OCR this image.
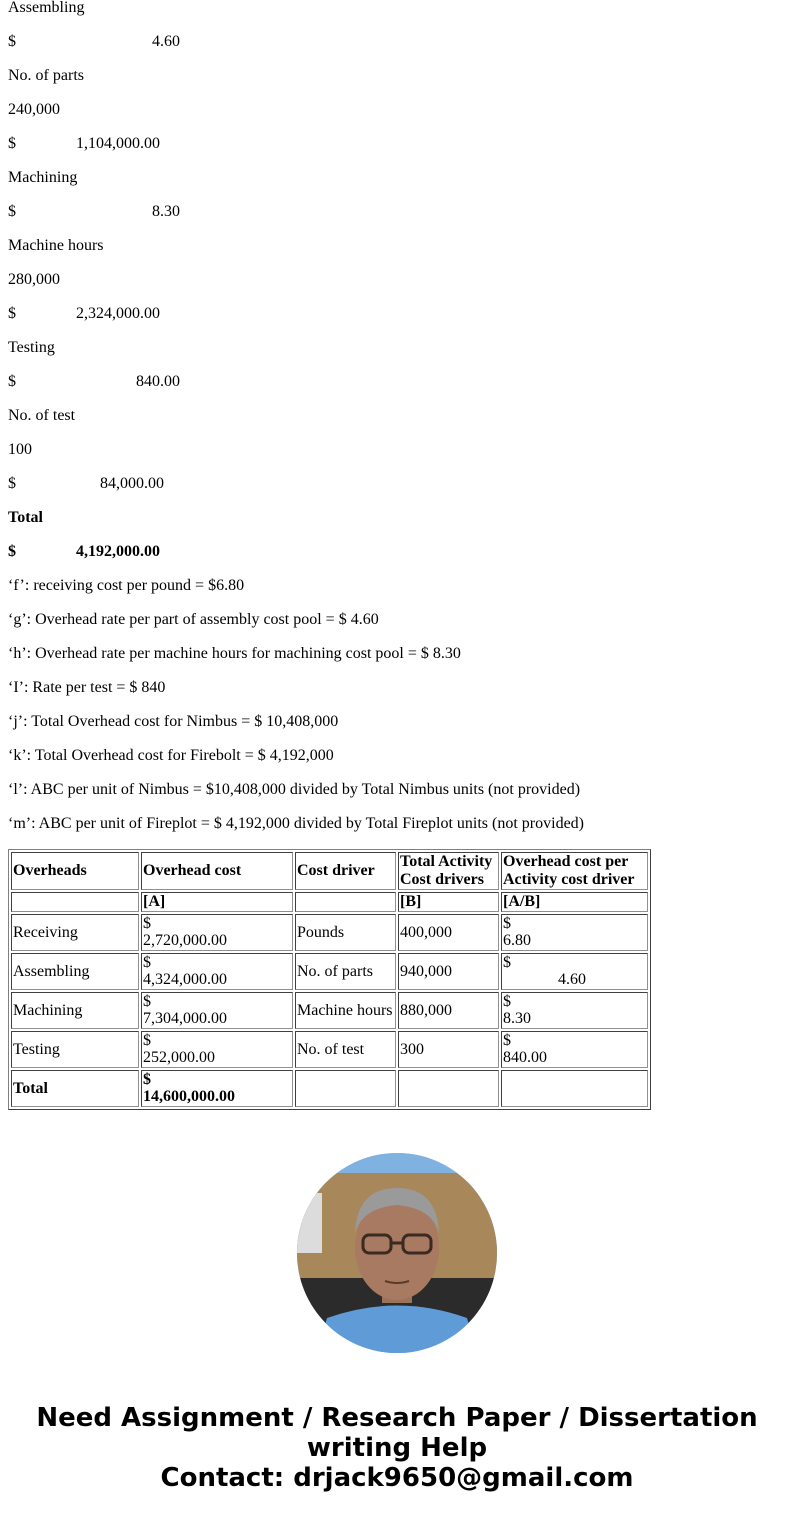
Assembling

$

	4.60

No. of parts
240,000

$

	1,104,000.00

Machining

$

	8.30

Machine hours
280,000

$

	2,324,000.00

Testing

$

	840.00

No. of test
100

$

	84,000.00

Total

$

	4,192,000.00

‘f’: receiving cost per pound = $6.80
‘g’: Overhead rate per part of assembly cost pool = $ 4.60
‘h’: Overhead rate per machine hours for machining cost pool = $ 8.30
‘I’: Rate per test = $ 840
‘j’: Total Overhead cost for Nimbus = $ 10,408,000
‘k’: Total Overhead cost for Firebolt = $ 4,192,000
‘l’: ABC per unit of Nimbus = $10,408,000 divided by Total Nimbus units (not provided)
‘m’: ABC per unit of Fireplot = $ 4,192,000 divided by Total Fireplot units (not provided)
Overheads	Overhead cost	Cost driver	Total Activity Cost drivers	Overhead cost per Activity cost driver
	[A]		[B]	[A/B]
Receiving	$
2,720,000.00	Pounds	400,000	$
6.80

Assembling	$
4,324,000.00	No. of parts	940,000	$
4.60

Machining	$
7,304,000.00	Machine hours	880,000	$
8.30

Testing	$
252,000.00	No. of test	300	$
840.00

Total	$
14,600,000.00			

Need Assignment / Research Paper / Dissertation
writing Help
Contact: drjack9650@gmail.com
